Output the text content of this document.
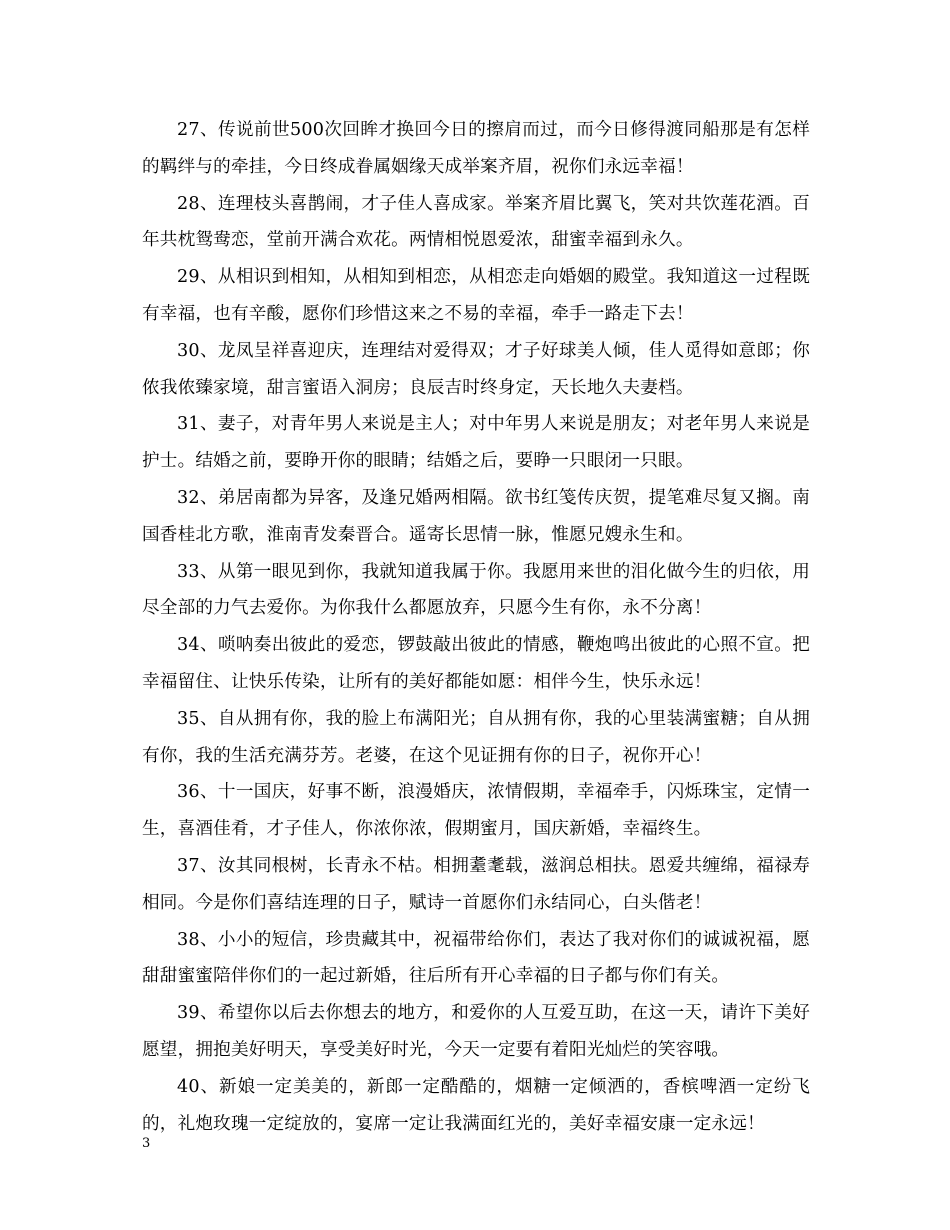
27、传说前世500次回眸才换回今日的擦肩而过，而今日修得渡同船那是有怎样的羁绊与的牵挂，今日终成眷属姻缘天成举案齐眉，祝你们永远幸福！

28、连理枝头喜鹊闹，才子佳人喜成家。举案齐眉比翼飞，笑对共饮莲花酒。百年共枕鸳鸯恋，堂前开满合欢花。两情相悦恩爱浓，甜蜜幸福到永久。

29、从相识到相知，从相知到相恋，从相恋走向婚姻的殿堂。我知道这一过程既有幸福，也有辛酸，愿你们珍惜这来之不易的幸福，牵手一路走下去！

30、龙凤呈祥喜迎庆，连理结对爱得双；才子好球美人倾，佳人觅得如意郎；你侬我侬臻家境，甜言蜜语入洞房；良辰吉时终身定，天长地久夫妻档。

31、妻子，对青年男人来说是主人；对中年男人来说是朋友；对老年男人来说是护士。结婚之前，要睁开你的眼睛；结婚之后，要睁一只眼闭一只眼。

32、弟居南都为异客，及逢兄婚两相隔。欲书红笺传庆贺，提笔难尽复又搁。南国香桂北方歌，淮南青发秦晋合。遥寄长思情一脉，惟愿兄嫂永生和。

33、从第一眼见到你，我就知道我属于你。我愿用来世的泪化做今生的归依，用尽全部的力气去爱你。为你我什么都愿放弃，只愿今生有你，永不分离！

34、唢呐奏出彼此的爱恋，锣鼓敲出彼此的情感，鞭炮鸣出彼此的心照不宣。把幸福留住、让快乐传染，让所有的美好都能如愿：相伴今生，快乐永远！

35、自从拥有你，我的脸上布满阳光；自从拥有你，我的心里装满蜜糖；自从拥有你，我的生活充满芬芳。老婆，在这个见证拥有你的日子，祝你开心！

36、十一国庆，好事不断，浪漫婚庆，浓情假期，幸福牵手，闪烁珠宝，定情一生，喜酒佳肴，才子佳人，你浓你浓，假期蜜月，国庆新婚，幸福终生。

37、汝其同根树，长青永不枯。相拥耋耄载，滋润总相扶。恩爱共缠绵，福禄寿相同。今是你们喜结连理的日子，赋诗一首愿你们永结同心，白头偕老！

38、小小的短信，珍贵藏其中，祝福带给你们，表达了我对你们的诚诚祝福，愿甜甜蜜蜜陪伴你们的一起过新婚，往后所有开心幸福的日子都与你们有关。

39、希望你以后去你想去的地方，和爱你的人互爱互助，在这一天，请许下美好愿望，拥抱美好明天，享受美好时光，今天一定要有着阳光灿烂的笑容哦。

40、新娘一定美美的，新郎一定酷酷的，烟糖一定倾洒的，香槟啤酒一定纷飞的，礼炮玫瑰一定绽放的，宴席一定让我满面红光的，美好幸福安康一定永远！

3
